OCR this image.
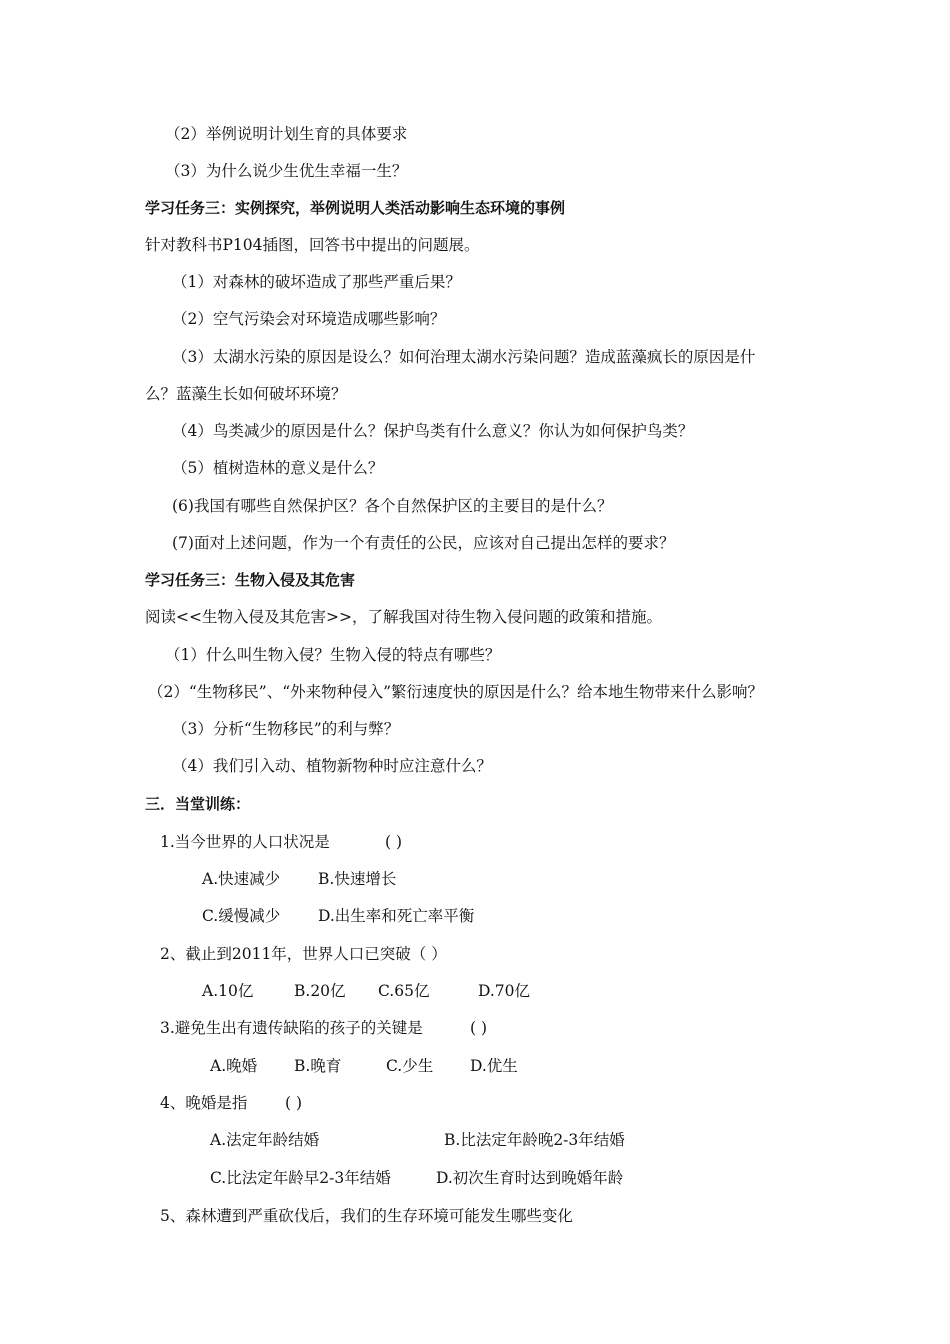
（2）举例说明计划生育的具体要求
（3）为什么说少生优生幸福一生？
学习任务三：实例探究，举例说明人类活动影响生态环境的事例
针对教科书P104插图，回答书中提出的问题展。
（1）对森林的破坏造成了那些严重后果？
（2）空气污染会对环境造成哪些影响？
（3）太湖水污染的原因是设么？如何治理太湖水污染问题？造成蓝藻疯长的原因是什
么？蓝藻生长如何破坏环境？
（4）鸟类减少的原因是什么？保护鸟类有什么意义？你认为如何保护鸟类？
（5）植树造林的意义是什么？
(6)我国有哪些自然保护区？各个自然保护区的主要目的是什么？
(7)面对上述问题，作为一个有责任的公民，应该对自己提出怎样的要求？
学习任务三：生物入侵及其危害
阅读<<生物入侵及其危害>>，了解我国对待生物入侵问题的政策和措施。
（1）什么叫生物入侵？生物入侵的特点有哪些？
（2）“生物移民”、“外来物种侵入”繁衍速度快的原因是什么？给本地生物带来什么影响？
（3）分析“生物移民”的利与弊？
（4）我们引入动、植物新物种时应注意什么？
三．当堂训练：
1.当今世界的人口状况是	( )
A.快速减少 B.快速增长
C.缓慢减少 D.出生率和死亡率平衡
2、截止到2011年，世界人口已突破（ ）
A.10亿	B.20亿 C.65亿	D.70亿
3.避免生出有遗传缺陷的孩子的关键是	( )
A.晚婚 B.晚育	C.少生 D.优生
4、晚婚是指 ( )
A.法定年龄结婚	B.比法定年龄晚2-3年结婚
C.比法定年龄早2-3年结婚	D.初次生育时达到晚婚年龄
5、森林遭到严重砍伐后，我们的生存环境可能发生哪些变化
